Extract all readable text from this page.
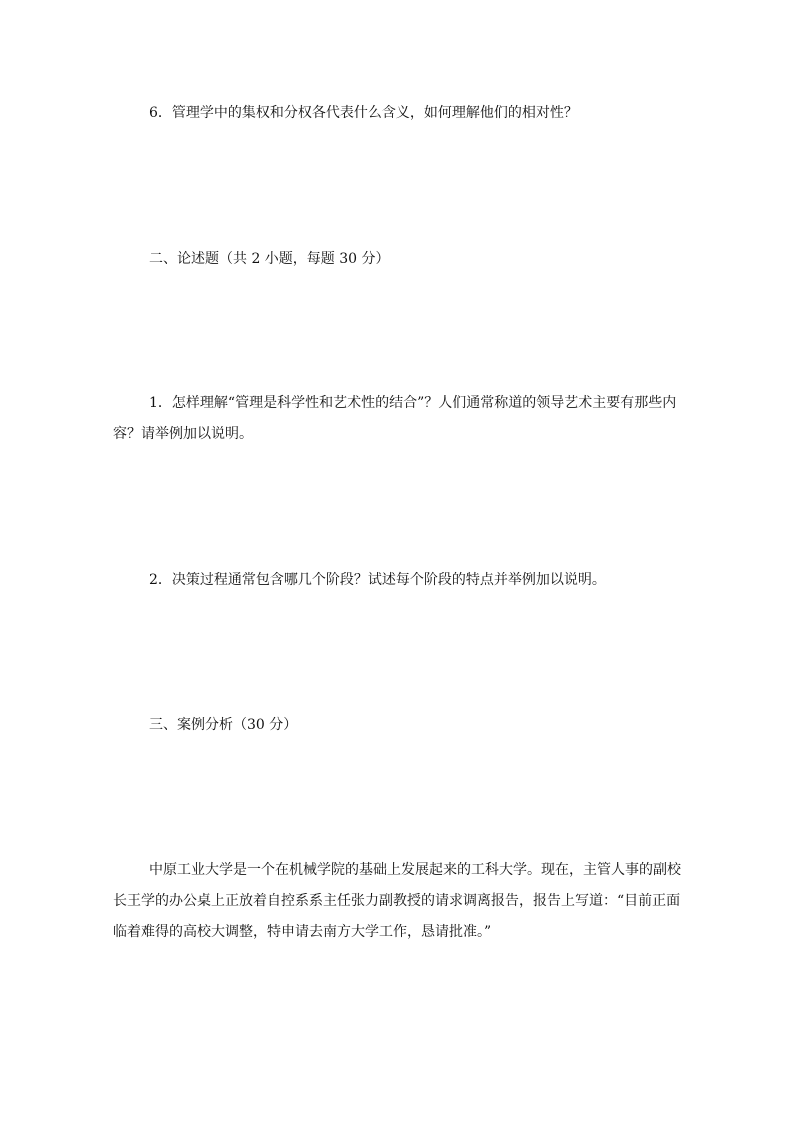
6．管理学中的集权和分权各代表什么含义，如何理解他们的相对性？

二、论述题（共 2 小题，每题 30 分）

1．怎样理解“管理是科学性和艺术性的结合”？人们通常称道的领导艺术主要有那些内容？请举例加以说明。

2．决策过程通常包含哪几个阶段？试述每个阶段的特点并举例加以说明。

三、案例分析（30 分）

中原工业大学是一个在机械学院的基础上发展起来的工科大学。现在，主管人事的副校长王学的办公桌上正放着自控系系主任张力副教授的请求调离报告，报告上写道：“目前正面临着难得的高校大调整，特申请去南方大学工作，恳请批准。”
